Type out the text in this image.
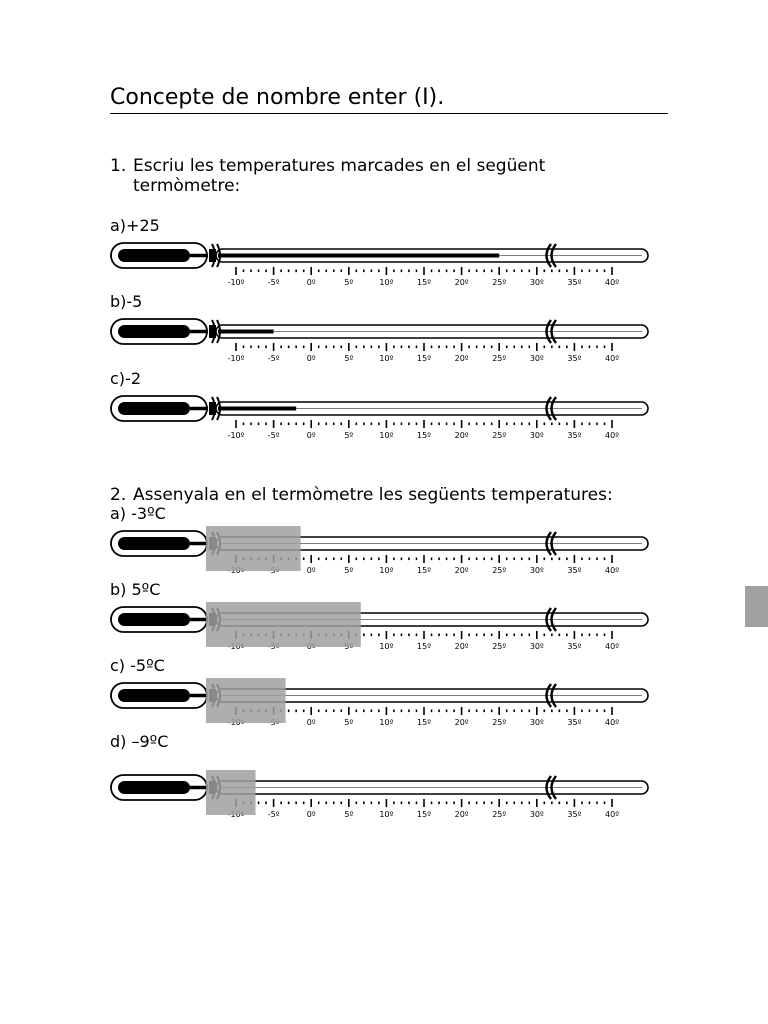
Concepte de nombre enter (I).
1. Escriu les temperatures marcades en el següent
termòmetre:
a)+25
-10º	-5º	0º	5º	10º	15º	20º	25º	30º	35º	40º
b)-5
-10º	-5º	0º	5º	10º	15º	20º	25º	30º	35º	40º
c)-2
-10º	-5º	0º	5º	10º	15º	20º	25º	30º	35º	40º
2. Assenyala en el termòmetre les següents temperatures:
a) -3ºC
0º	5º	10º	15º	20º	25º	30º	35º	40º
b) 5ºC
10º	15º	20º	25º	30º	35º	40º
c) -5ºC
0º	5º	10º	15º	20º	25º	30º	35º	40º
d) –9ºC
-5º	0º	5º	10º	15º	20º	25º	30º	35º	40º
